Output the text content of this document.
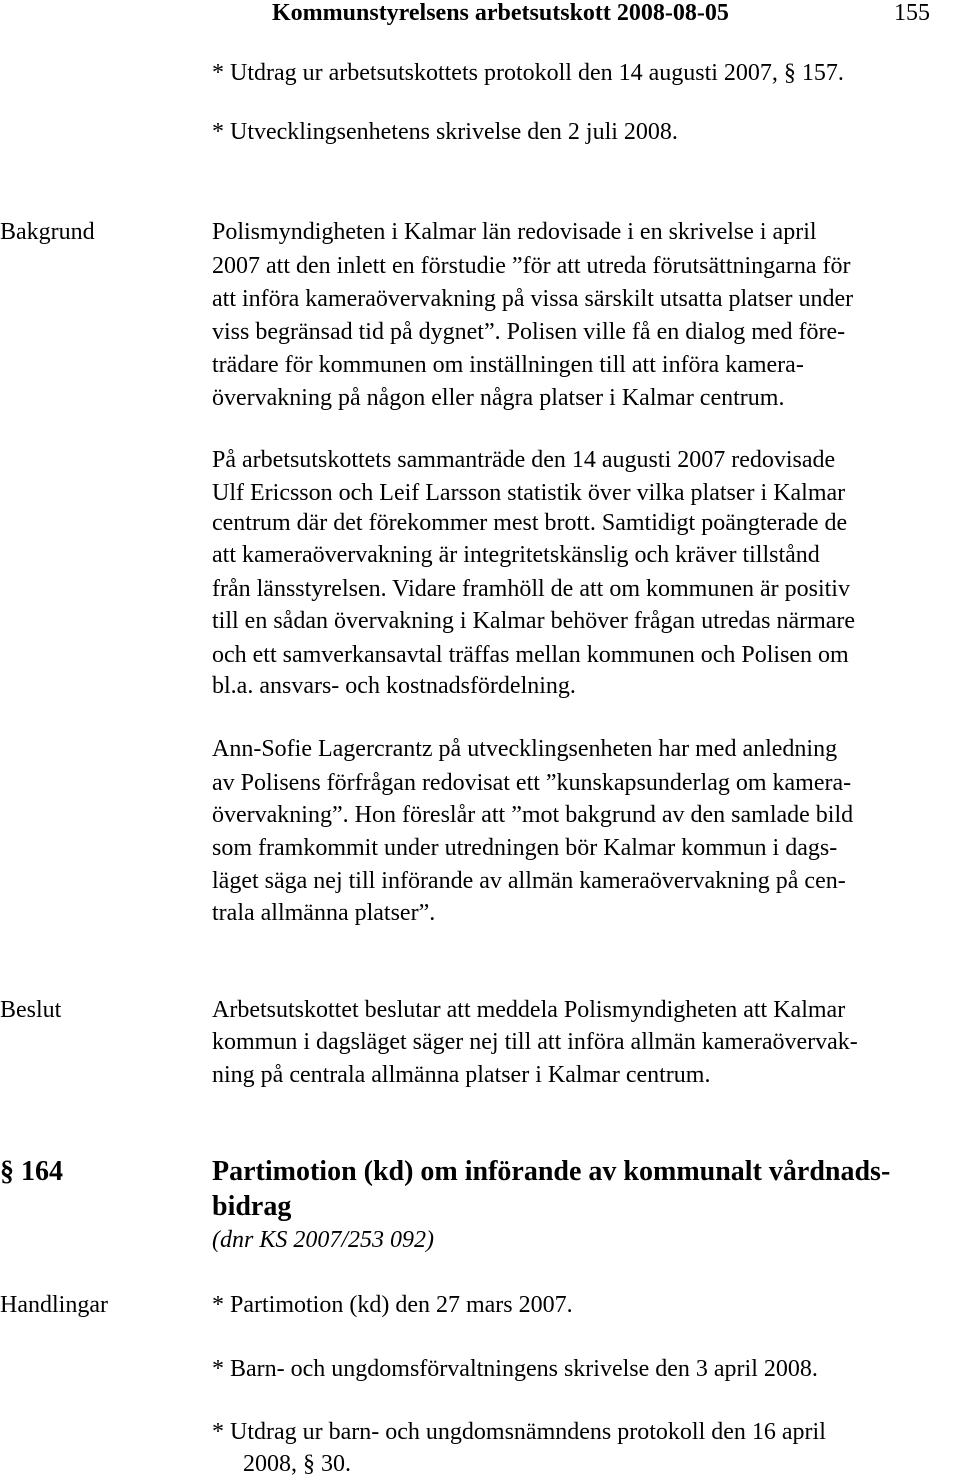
Kommunstyrelsens arbetsutskott 2008-08-05	155
* Utdrag ur arbetsutskottets protokoll den 14 augusti 2007, § 157.
* Utvecklingsenhetens skrivelse den 2 juli 2008.
Bakgrund	Polismyndigheten i Kalmar län redovisade i en skrivelse i april
2007 att den inlett en förstudie ”för att utreda förutsättningarna för
att införa kameraövervakning på vissa särskilt utsatta platser under
viss begränsad tid på dygnet”. Polisen ville få en dialog med före-
trädare för kommunen om inställningen till att införa kamera-
övervakning på någon eller några platser i Kalmar centrum.
På arbetsutskottets sammanträde den 14 augusti 2007 redovisade
Ulf Ericsson och Leif Larsson statistik över vilka platser i Kalmar
centrum där det förekommer mest brott. Samtidigt poängterade de
att kameraövervakning är integritetskänslig och kräver tillstånd
från länsstyrelsen. Vidare framhöll de att om kommunen är positiv
till en sådan övervakning i Kalmar behöver frågan utredas närmare
och ett samverkansavtal träffas mellan kommunen och Polisen om
bl.a. ansvars- och kostnadsfördelning.
Ann-Sofie Lagercrantz på utvecklingsenheten har med anledning
av Polisens förfrågan redovisat ett ”kunskapsunderlag om kamera-
övervakning”. Hon föreslår att ”mot bakgrund av den samlade bild
som framkommit under utredningen bör Kalmar kommun i dags-
läget säga nej till införande av allmän kameraövervakning på cen-
trala allmänna platser”.
Beslut	Arbetsutskottet beslutar att meddela Polismyndigheten att Kalmar
kommun i dagsläget säger nej till att införa allmän kameraövervak-
ning på centrala allmänna platser i Kalmar centrum.
§ 164	Partimotion (kd) om införande av kommunalt vårdnads-
bidrag
(dnr KS 2007/253 092)
Handlingar	* Partimotion (kd) den 27 mars 2007.
* Barn- och ungdomsförvaltningens skrivelse den 3 april 2008.
* Utdrag ur barn- och ungdomsnämndens protokoll den 16 april
2008, § 30.
